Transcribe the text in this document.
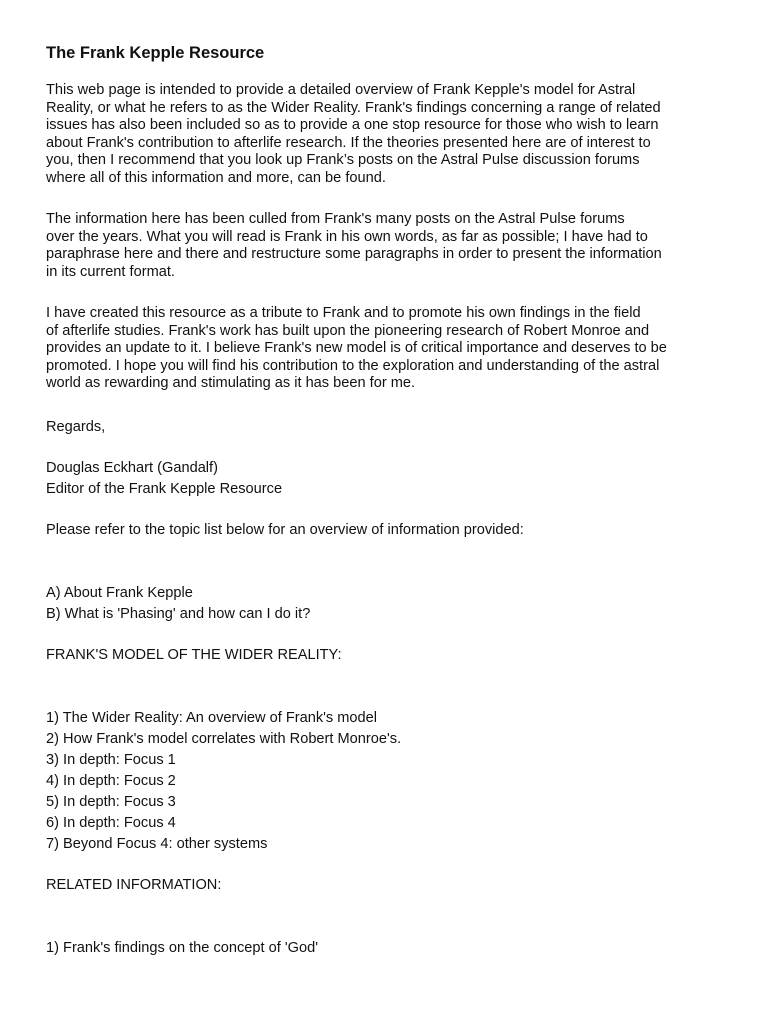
The Frank Kepple Resource
This web page is intended to provide a detailed overview of Frank Kepple's model for Astral
Reality, or what he refers to as the Wider Reality. Frank's findings concerning a range of related
issues has also been included so as to provide a one stop resource for those who wish to learn
about Frank's contribution to afterlife research. If the theories presented here are of interest to
you, then I recommend that you look up Frank’s posts on the Astral Pulse discussion forums
where all of this information and more, can be found.
The information here has been culled from Frank's many posts on the Astral Pulse forums
over the years. What you will read is Frank in his own words, as far as possible; I have had to
paraphrase here and there and restructure some paragraphs in order to present the information
in its current format.
I have created this resource as a tribute to Frank and to promote his own findings in the field
of afterlife studies. Frank's work has built upon the pioneering research of Robert Monroe and
provides an update to it. I believe Frank's new model is of critical importance and deserves to be
promoted. I hope you will find his contribution to the exploration and understanding of the astral
world as rewarding and stimulating as it has been for me.
Regards,
Douglas Eckhart (Gandalf)
Editor of the Frank Kepple Resource
Please refer to the topic list below for an overview of information provided:
A) About Frank Kepple
B) What is 'Phasing' and how can I do it?
FRANK'S MODEL OF THE WIDER REALITY:
1) The Wider Reality: An overview of Frank's model
2) How Frank's model correlates with Robert Monroe's.
3) In depth: Focus 1
4) In depth: Focus 2
5) In depth: Focus 3
6) In depth: Focus 4
7) Beyond Focus 4: other systems
RELATED INFORMATION:
1) Frank's findings on the concept of 'God'
